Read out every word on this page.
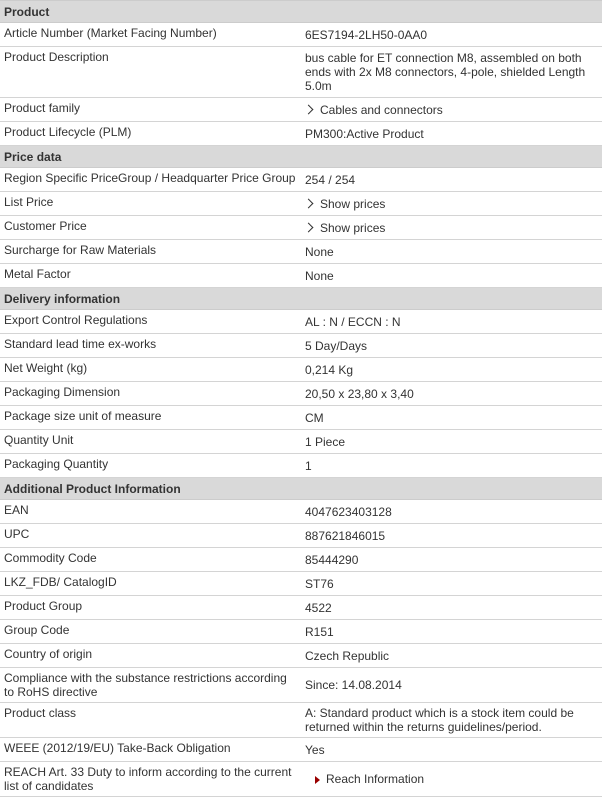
Product	
Article Number (Market Facing Number)	6ES7194-2LH50-0AA0
Product Description	bus cable for ET connection M8, assembled on both ends with 2x M8 connectors, 4-pole, shielded Length 5.0m
Product family	Cables and connectors
Product Lifecycle (PLM)	PM300:Active Product
Price data	
Region Specific PriceGroup / Headquarter Price Group	254 / 254
List Price	Show prices
Customer Price	Show prices
Surcharge for Raw Materials	None
Metal Factor	None
Delivery information	
Export Control Regulations	AL : N / ECCN : N
Standard lead time ex-works	5 Day/Days
Net Weight (kg)	0,214 Kg
Packaging Dimension	20,50 x 23,80 x 3,40
Package size unit of measure	CM
Quantity Unit	1 Piece
Packaging Quantity	1
Additional Product Information	
EAN	4047623403128
UPC	887621846015
Commodity Code	85444290
LKZ_FDB/ CatalogID	ST76
Product Group	4522
Group Code	R151
Country of origin	Czech Republic
Compliance with the substance restrictions according to RoHS directive	Since: 14.08.2014
Product class	A: Standard product which is a stock item could be returned within the returns guidelines/period.
WEEE (2012/19/EU) Take-Back Obligation	Yes
REACH Art. 33 Duty to inform according to the current list of candidates	Reach Information
